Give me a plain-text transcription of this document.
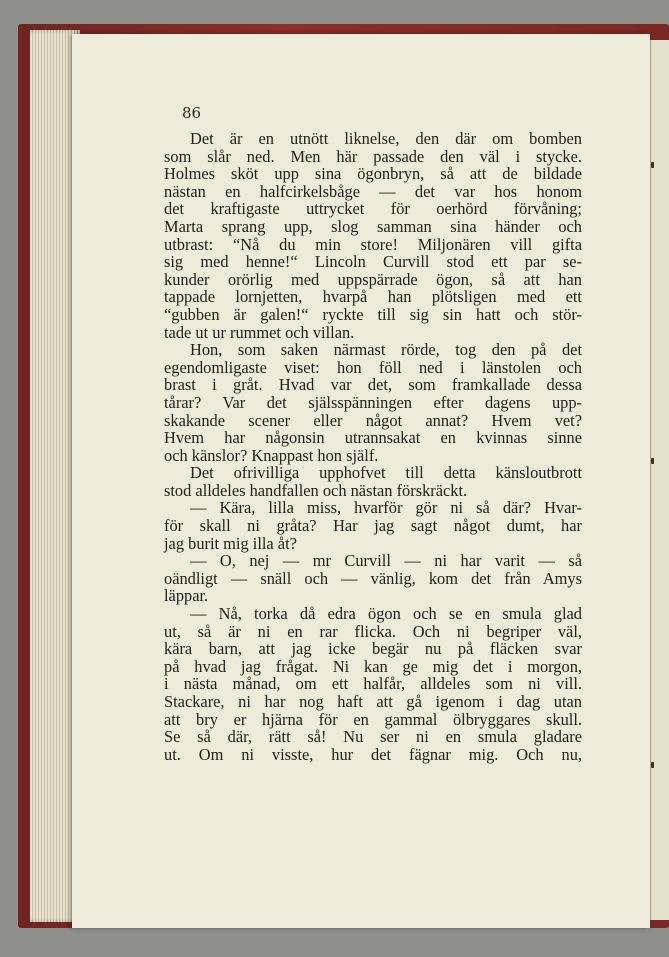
86
Det är en utnött liknelse, den där om bomben
som slår ned. Men här passade den väl i stycke.
Holmes sköt upp sina ögonbryn, så att de bildade
nästan en halfcirkelsbåge — det var hos honom
det kraftigaste uttrycket för oerhörd förvåning;
Marta sprang upp, slog samman sina händer och
utbrast: “Nå du min store! Miljonären vill gifta
sig med henne!“ Lincoln Curvill stod ett par se-
kunder orörlig med uppspärrade ögon, så att han
tappade lornjetten, hvarpå han plötsligen med ett
“gubben är galen!“ ryckte till sig sin hatt och stör-
tade ut ur rummet och villan.
Hon, som saken närmast rörde, tog den på det
egendomligaste viset: hon föll ned i länstolen och
brast i gråt. Hvad var det, som framkallade dessa
tårar? Var det själsspänningen efter dagens upp-
skakande scener eller något annat? Hvem vet?
Hvem har någonsin utrannsakat en kvinnas sinne
och känslor? Knappast hon själf.
Det ofrivilliga upphofvet till detta känsloutbrott
stod alldeles handfallen och nästan förskräckt.
— Kära, lilla miss, hvarför gör ni så där? Hvar-
för skall ni gråta? Har jag sagt något dumt, har
jag burit mig illa åt?
— O, nej — mr Curvill — ni har varit — så
oändligt — snäll och — vänlig, kom det från Amys
läppar.
— Nå, torka då edra ögon och se en smula glad
ut, så är ni en rar flicka. Och ni begriper väl,
kära barn, att jag icke begär nu på fläcken svar
på hvad jag frågat. Ni kan ge mig det i morgon,
i nästa månad, om ett halfår, alldeles som ni vill.
Stackare, ni har nog haft att gå igenom i dag utan
att bry er hjärna för en gammal ölbryggares skull.
Se så där, rätt så! Nu ser ni en smula gladare
ut. Om ni visste, hur det fägnar mig. Och nu,
